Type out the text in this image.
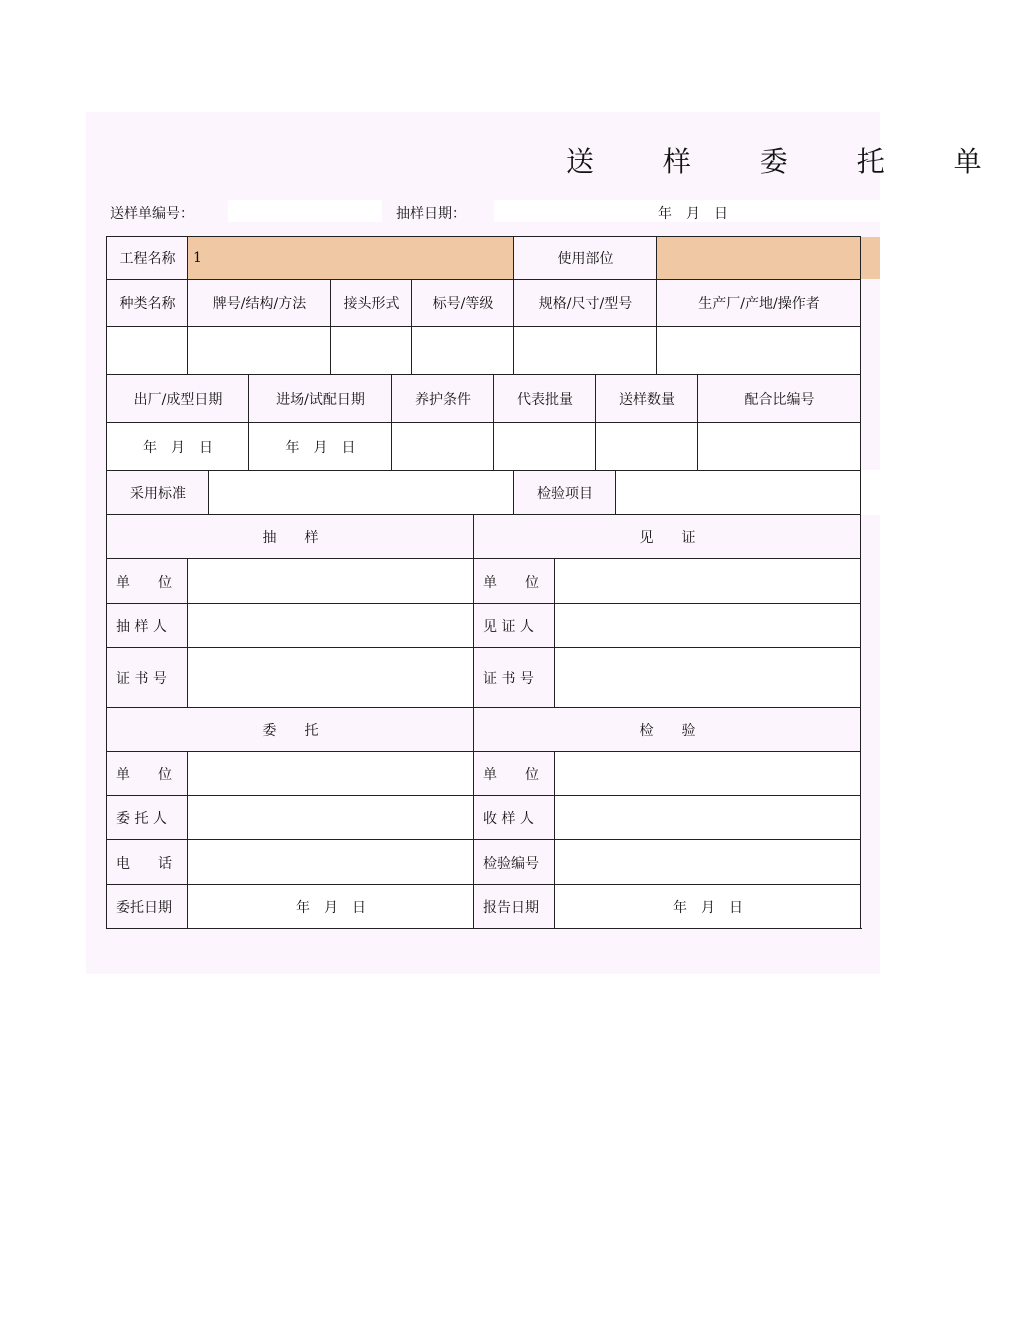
送 样 委 托 单
送样单编号：	抽样日期：	年　月　日
工程名称	1	使用部位
种类名称	牌号/结构/方法	接头形式	标号/等级	规格/尺寸/型号	生产厂/产地/操作者
出厂/成型日期	进场/试配日期	养护条件	代表批量	送样数量	配合比编号
年　月　日	年　月　日
采用标准	检验项目
抽　　样	见　　证
单　　位	单　　位
抽 样 人	见 证 人
证 书 号	证 书 号
委　　托	检　　验
单　　位	单　　位
委 托 人	收 样 人
电　　话	检验编号
委托日期	年　月　日	报告日期	年　月　日
